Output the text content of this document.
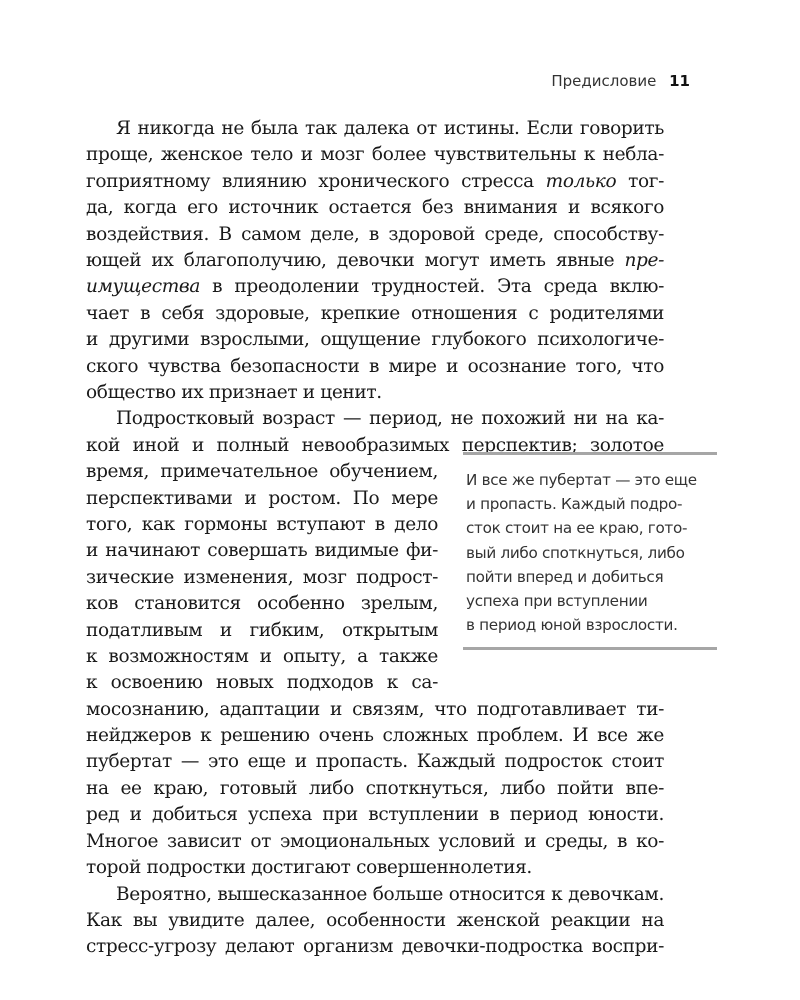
Предисловие 11
Я никогда не была так далека от истины. Если говорить
проще, женское тело и мозг более чувствительны к небла-
гоприятному влиянию хронического стресса только тог-
да, когда его источник остается без внимания и всякого
воздействия. В самом деле, в здоровой среде, способству-
ющей их благополучию, девочки могут иметь явные пре-
имущества в преодолении трудностей. Эта среда вклю-
чает в себя здоровые, крепкие отношения с родителями
и другими взрослыми, ощущение глубокого психологиче-
ского чувства безопасности в мире и осознание того, что
общество их признает и ценит.
Подростковый возраст — период, не похожий ни на ка-
кой иной и полный невообразимых перспектив; золотое
время, примечательное обучением,
перспективами и ростом. По мере
того, как гормоны вступают в дело
и начинают совершать видимые фи-
зические изменения, мозг подрост-
ков становится особенно зрелым,
податливым и гибким, открытым
к возможностям и опыту, а также
к освоению новых подходов к са-
мосознанию, адаптации и связям, что подготавливает ти-
нейджеров к решению очень сложных проблем. И все же
пубертат — это еще и пропасть. Каждый подросток стоит
на ее краю, готовый либо споткнуться, либо пойти впе-
ред и добиться успеха при вступлении в период юности.
Многое зависит от эмоциональных условий и среды, в ко-
торой подростки достигают совершеннолетия.
Вероятно, вышесказанное больше относится к девочкам.
Как вы увидите далее, особенности женской реакции на
стресс-угрозу делают организм девочки-подростка воспри-
И все же пубертат — это еще
и пропасть. Каждый подро-
сток стоит на ее краю, гото-
вый либо споткнуться, либо
пойти вперед и добиться
успеха при вступлении
в период юной взрослости.
